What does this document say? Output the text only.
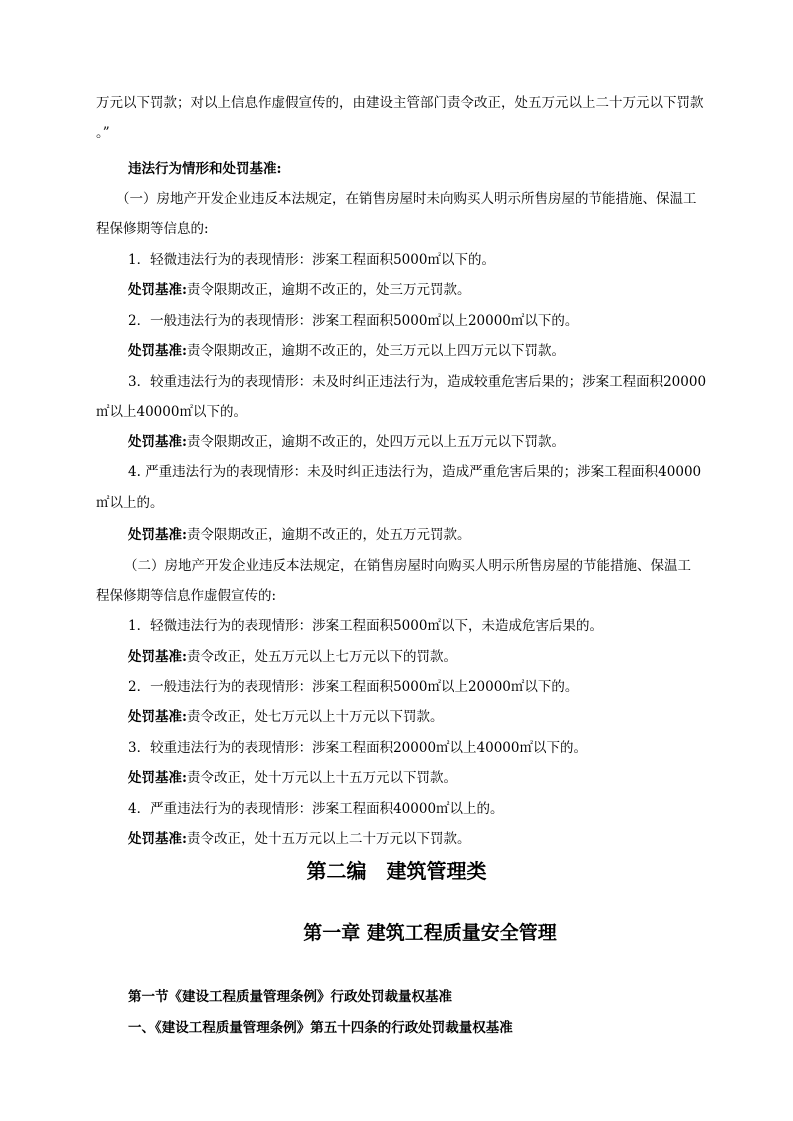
万元以下罚款；对以上信息作虚假宣传的，由建设主管部门责令改正，处五万元以上二十万元以下罚款
。”
违法行为情形和处罚基准:
（一）房地产开发企业违反本法规定，在销售房屋时未向购买人明示所售房屋的节能措施、保温工
程保修期等信息的:
1．轻微违法行为的表现情形：涉案工程面积5000㎡以下的。
处罚基准:责令限期改正，逾期不改正的，处三万元罚款。
2．一般违法行为的表现情形：涉案工程面积5000㎡以上20000㎡以下的。
处罚基准:责令限期改正，逾期不改正的，处三万元以上四万元以下罚款。
3．较重违法行为的表现情形：未及时纠正违法行为，造成较重危害后果的；涉案工程面积20000
㎡以上40000㎡以下的。
处罚基准:责令限期改正，逾期不改正的，处四万元以上五万元以下罚款。
4. 严重违法行为的表现情形：未及时纠正违法行为，造成严重危害后果的；涉案工程面积40000
㎡以上的。
处罚基准:责令限期改正，逾期不改正的，处五万元罚款。
（二）房地产开发企业违反本法规定，在销售房屋时向购买人明示所售房屋的节能措施、保温工
程保修期等信息作虚假宣传的:
1．轻微违法行为的表现情形：涉案工程面积5000㎡以下，未造成危害后果的。
处罚基准:责令改正，处五万元以上七万元以下的罚款。
2．一般违法行为的表现情形：涉案工程面积5000㎡以上20000㎡以下的。
处罚基准:责令改正，处七万元以上十万元以下罚款。
3．较重违法行为的表现情形：涉案工程面积20000㎡以上40000㎡以下的。
处罚基准:责令改正，处十万元以上十五万元以下罚款。
4．严重违法行为的表现情形：涉案工程面积40000㎡以上的。
处罚基准:责令改正，处十五万元以上二十万元以下罚款。
第二编　建筑管理类
第一章 建筑工程质量安全管理
第一节《建设工程质量管理条例》行政处罚裁量权基准
一、《建设工程质量管理条例》第五十四条的行政处罚裁量权基准
